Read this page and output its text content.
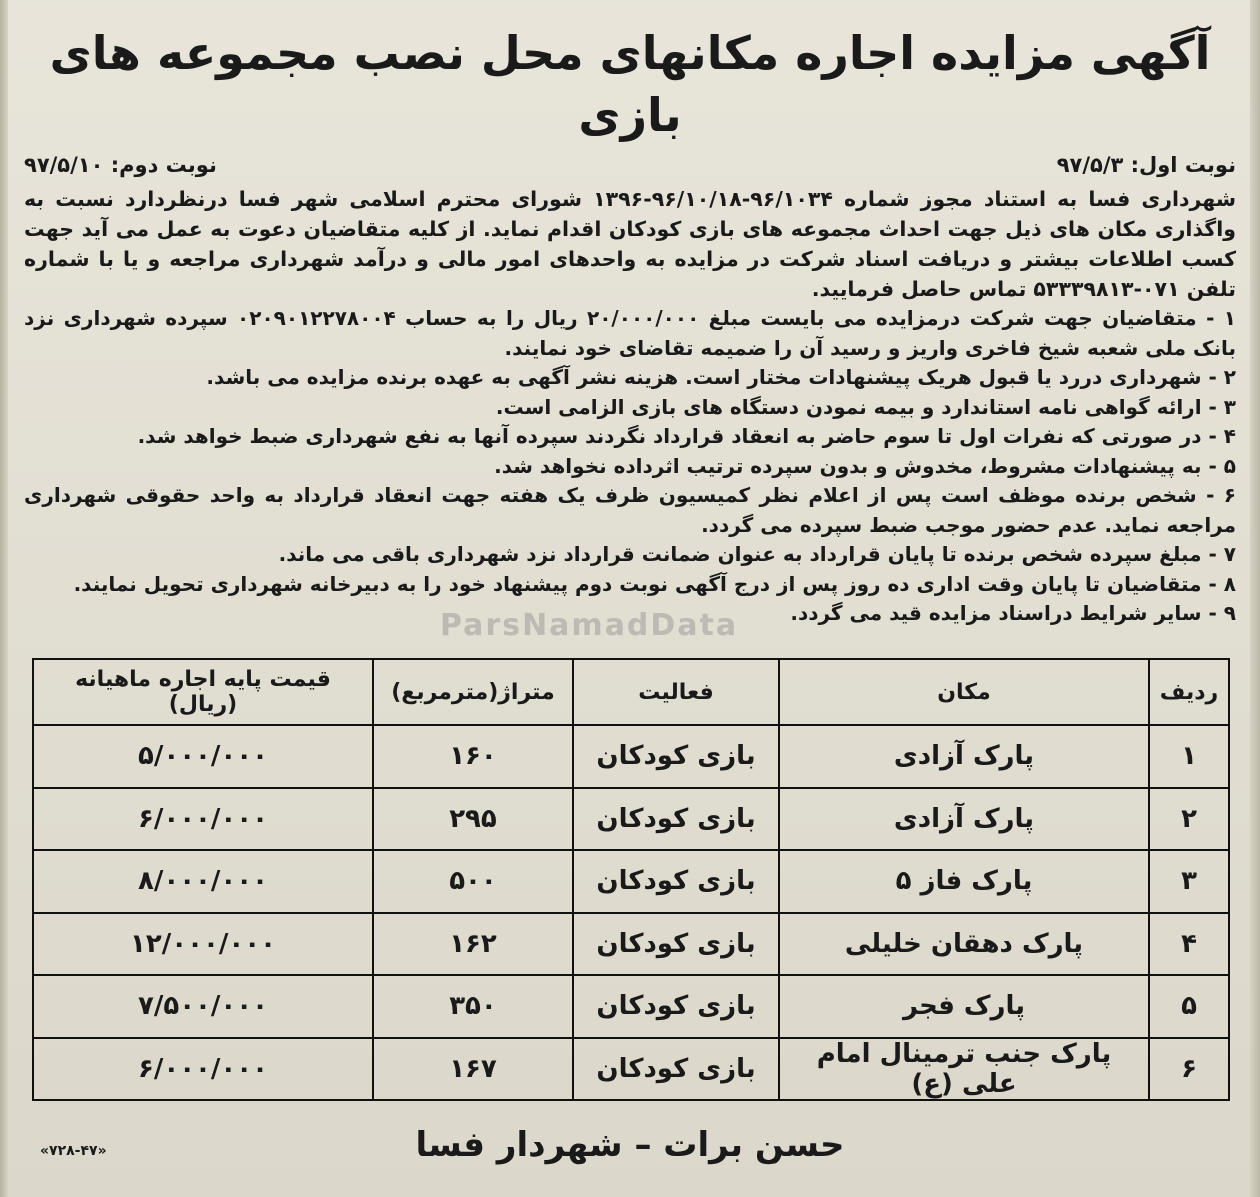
آگهی مزایده اجاره مکانهای محل نصب مجموعه های بازی
نوبت اول: ۹۷/۵/۳
نوبت دوم: ۹۷/۵/۱۰
شهرداری فسا به استناد مجوز شماره ۹۶/۱۰۳۴-۹۶/۱۰/۱۸-۱۳۹۶ شورای محترم اسلامی شهر فسا درنظردارد نسبت به واگذاری مکان های ذیل جهت احداث مجموعه های بازی کودکان اقدام نماید. از کلیه متقاضیان دعوت به عمل می آید جهت کسب اطلاعات بیشتر و دریافت اسناد شرکت در مزایده به واحدهای امور مالی و درآمد شهرداری مراجعه و یا با شماره تلفن ۰۷۱-۵۳۳۳۹۸۱۳ تماس حاصل فرمایید.
۱ - متقاضیان جهت شرکت درمزایده می بایست مبلغ ۲۰/۰۰۰/۰۰۰ ریال را به حساب ۰۲۰۹۰۱۲۲۷۸۰۰۴ سپرده شهرداری نزد بانک ملی شعبه شیخ فاخری واریز و رسید آن را ضمیمه تقاضای خود نمایند.
۲ - شهرداری دررد یا قبول هریک پیشنهادات مختار است. هزینه نشر آگهی به عهده برنده مزایده می باشد.
۳ - ارائه گواهی نامه استاندارد و بیمه نمودن دستگاه های بازی الزامی است.
۴ - در صورتی که نفرات اول تا سوم حاضر به انعقاد قرارداد نگردند سپرده آنها به نفع شهرداری ضبط خواهد شد.
۵ - به پیشنهادات مشروط، مخدوش و بدون سپرده ترتیب اثرداده نخواهد شد.
۶ - شخص برنده موظف است پس از اعلام نظر کمیسیون ظرف یک هفته جهت انعقاد قرارداد به واحد حقوقی شهرداری مراجعه نماید. عدم حضور موجب ضبط سپرده می گردد.
۷ - مبلغ سپرده شخص برنده تا پایان قرارداد به عنوان ضمانت قرارداد نزد شهرداری باقی می ماند.
۸ - متقاضیان تا پایان وقت اداری ده روز پس از درج آگهی نوبت دوم پیشنهاد خود را به دبیرخانه شهرداری تحویل نمایند.
۹ - سایر شرایط دراسناد مزایده قید می گردد.
ParsNamadData
ردیف	مکان	فعالیت	متراژ(مترمربع)	قیمت پایه اجاره ماهیانه (ریال)
۱	پارک آزادی	بازی کودکان	۱۶۰	۵/۰۰۰/۰۰۰
۲	پارک آزادی	بازی کودکان	۲۹۵	۶/۰۰۰/۰۰۰
۳	پارک فاز ۵	بازی کودکان	۵۰۰	۸/۰۰۰/۰۰۰
۴	پارک دهقان خلیلی	بازی کودکان	۱۶۲	۱۲/۰۰۰/۰۰۰
۵	پارک فجر	بازی کودکان	۳۵۰	۷/۵۰۰/۰۰۰
۶	پارک جنب ترمینال امام علی (ع)	بازی کودکان	۱۶۷	۶/۰۰۰/۰۰۰
حسن برات – شهردار فسا
«۷۲۸-۴۷»
